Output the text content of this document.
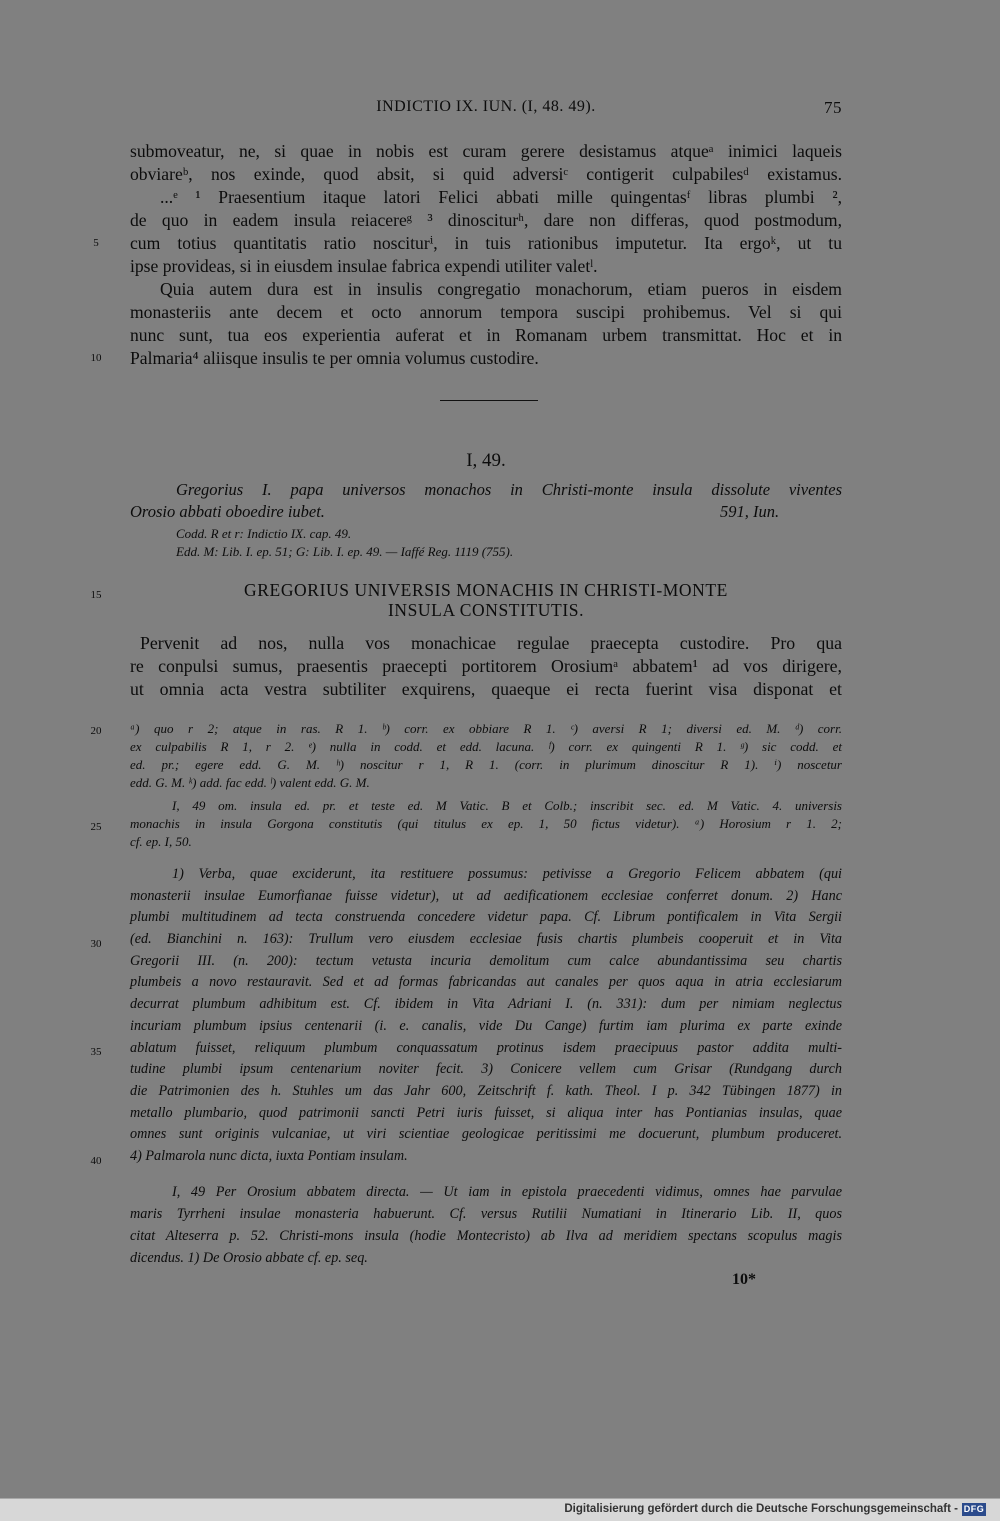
INDICTIO IX. IUN. (I, 48. 49).	75
submoveatur, ne, si quae in nobis est curam gerere desistamus atqueᵃ inimici laqueis
obviareᵇ, nos exinde, quod absit, si quid adversiᶜ contigerit culpabilesᵈ existamus.
...ᵉ ¹ Praesentium itaque latori Felici abbati mille quingentasᶠ libras plumbi ²,
de quo in eadem insula reiacereᵍ ³ dinosciturʰ, dare non differas, quod postmodum,
cum totius quantitatis ratio nosciturⁱ, in tuis rationibus imputetur. Ita ergoᵏ, ut tu
ipse provideas, si in eiusdem insulae fabrica expendi utiliter valetˡ.
Quia autem dura est in insulis congregatio monachorum, etiam pueros in eisdem
monasteriis ante decem et octo annorum tempora suscipi prohibemus. Vel si qui
nunc sunt, tua eos experientia auferat et in Romanam urbem transmittat. Hoc et in
Palmaria⁴ aliisque insulis te per omnia volumus custodire.
5
10
I, 49.
Gregorius I. papa universos monachos in Christi-monte insula dissolute viventes
Orosio abbati oboedire iubet.	591, Iun.
Codd. R et r: Indictio IX. cap. 49.
Edd. M: Lib. I. ep. 51; G: Lib. I. ep. 49. — Iaffé Reg. 1119 (755).
GREGORIUS UNIVERSIS MONACHIS IN CHRISTI-MONTE
INSULA CONSTITUTIS.
15
Pervenit ad nos, nulla vos monachicae regulae praecepta custodire. Pro qua
re conpulsi sumus, praesentis praecepti portitorem Orosiumᵃ abbatem¹ ad vos dirigere,
ut omnia acta vestra subtiliter exquirens, quaeque ei recta fuerint visa disponat et
ᵃ) quo r 2; atque in ras. R 1. ᵇ) corr. ex obbiare R 1. ᶜ) aversi R 1; diversi ed. M. ᵈ) corr.
ex culpabilis R 1, r 2. ᵉ) nulla in codd. et edd. lacuna. ᶠ) corr. ex quingenti R 1. ᵍ) sic codd. et
ed. pr.; egere edd. G. M. ʰ) noscitur r 1, R 1. (corr. in plurimum dinoscitur R 1). ⁱ) noscetur
edd. G. M. ᵏ) add. fac edd. ˡ) valent edd. G. M.
I, 49 om. insula ed. pr. et teste ed. M Vatic. B et Colb.; inscribit sec. ed. M Vatic. 4. universis
monachis in insula Gorgona constitutis (qui titulus ex ep. 1, 50 fictus videtur). ᵃ) Horosium r 1. 2;
cf. ep. I, 50.
20
25
1) Verba, quae exciderunt, ita restituere possumus: petivisse a Gregorio Felicem abbatem (qui
monasterii insulae Eumorfianae fuisse videtur), ut ad aedificationem ecclesiae conferret donum. 2) Hanc
plumbi multitudinem ad tecta construenda concedere videtur papa. Cf. Librum pontificalem in Vita Sergii
(ed. Bianchini n. 163): Trullum vero eiusdem ecclesiae fusis chartis plumbeis cooperuit et in Vita
Gregorii III. (n. 200): tectum vetusta incuria demolitum cum calce abundantissima seu chartis
plumbeis a novo restauravit. Sed et ad formas fabricandas aut canales per quos aqua in atria ecclesiarum
decurrat plumbum adhibitum est. Cf. ibidem in Vita Adriani I. (n. 331): dum per nimiam neglectus
incuriam plumbum ipsius centenarii (i. e. canalis, vide Du Cange) furtim iam plurima ex parte exinde
ablatum fuisset, reliquum plumbum conquassatum protinus isdem praecipuus pastor addita multi-
tudine plumbi ipsum centenarium noviter fecit. 3) Conicere vellem cum Grisar (Rundgang durch
die Patrimonien des h. Stuhles um das Jahr 600, Zeitschrift f. kath. Theol. I p. 342 Tübingen 1877) in
metallo plumbario, quod patrimonii sancti Petri iuris fuisset, si aliqua inter has Pontianias insulas, quae
omnes sunt originis vulcaniae, ut viri scientiae geologicae peritissimi me docuerunt, plumbum produceret.
4) Palmarola nunc dicta, iuxta Pontiam insulam.
30
35
40
I, 49 Per Orosium abbatem directa. — Ut iam in epistola praecedenti vidimus, omnes hae parvulae
maris Tyrrheni insulae monasteria habuerunt. Cf. versus Rutilii Numatiani in Itinerario Lib. II, quos
citat Alteserra p. 52. Christi-mons insula (hodie Montecristo) ab Ilva ad meridiem spectans scopulus magis
dicendus. 1) De Orosio abbate cf. ep. seq.
10*
Digitalisierung gefördert durch die Deutsche Forschungsgemeinschaft - DFG
